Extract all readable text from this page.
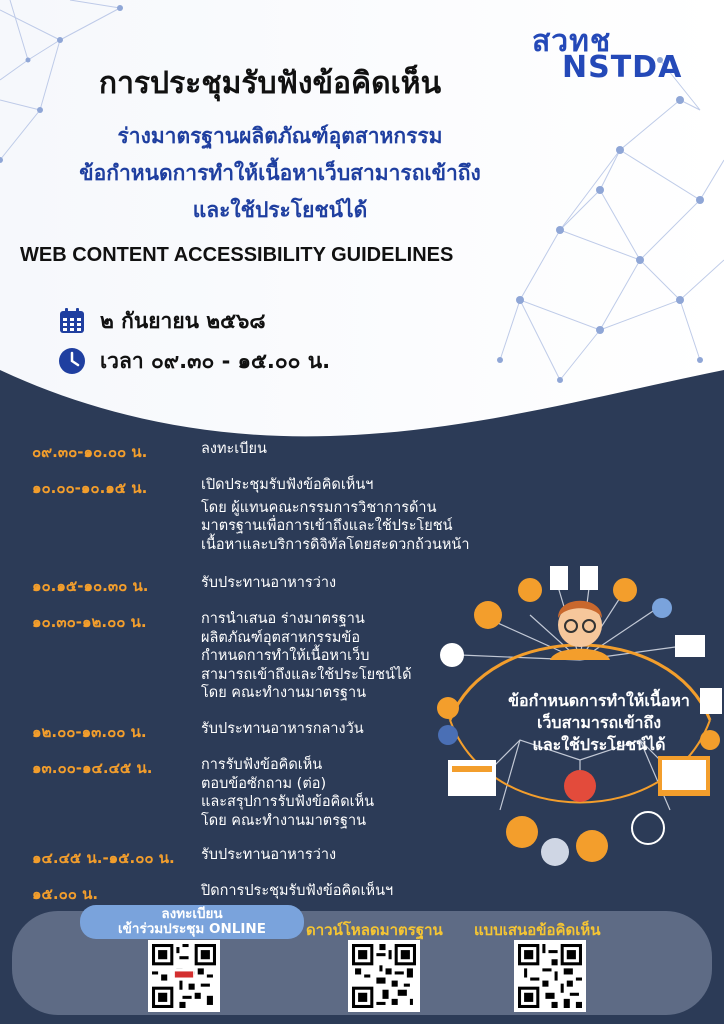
สวทช
NSTDA
การประชุมรับฟังข้อคิดเห็น
ร่างมาตรฐานผลิตภัณฑ์อุตสาหกรรม
ข้อกำหนดการทำให้เนื้อหาเว็บสามารถเข้าถึง
และใช้ประโยชน์ได้
WEB CONTENT ACCESSIBILITY GUIDELINES
๒ กันยายน ๒๕๖๘
เวลา ๐๙.๓๐ - ๑๕.๐๐ น.
๐๙.๓๐-๑๐.๐๐ น.	ลงทะเบียน
๑๐.๐๐-๑๐.๑๕ น.	เปิดประชุมรับฟังข้อคิดเห็นฯ
โดย ผู้แทนคณะกรรมการวิชาการด้าน
มาตรฐานเพื่อการเข้าถึงและใช้ประโยชน์
เนื้อหาและบริการดิจิทัลโดยสะดวกถ้วนหน้า
๑๐.๑๕-๑๐.๓๐ น.	รับประทานอาหารว่าง
๑๐.๓๐-๑๒.๐๐ น.	การนำเสนอ ร่างมาตรฐาน
ผลิตภัณฑ์อุตสาหกรรมข้อ
กำหนดการทำให้เนื้อหาเว็บ
สามารถเข้าถึงและใช้ประโยชน์ได้
โดย คณะทำงานมาตรฐาน
๑๒.๐๐-๑๓.๐๐ น.	รับประทานอาหารกลางวัน
๑๓.๐๐-๑๔.๔๕ น.	การรับฟังข้อคิดเห็น
ตอบข้อซักถาม (ต่อ)
และสรุปการรับฟังข้อคิดเห็น
โดย คณะทำงานมาตรฐาน
๑๔.๔๕ น.-๑๕.๐๐ น.	รับประทานอาหารว่าง
๑๕.๐๐ น.	ปิดการประชุมรับฟังข้อคิดเห็นฯ
ข้อกำหนดการทำให้เนื้อหา
เว็บสามารถเข้าถึง
และใช้ประโยชน์ได้
ลงทะเบียน
เข้าร่วมประชุม ONLINE	ดาวน์โหลดมาตรฐาน แบบเสนอข้อคิดเห็น
